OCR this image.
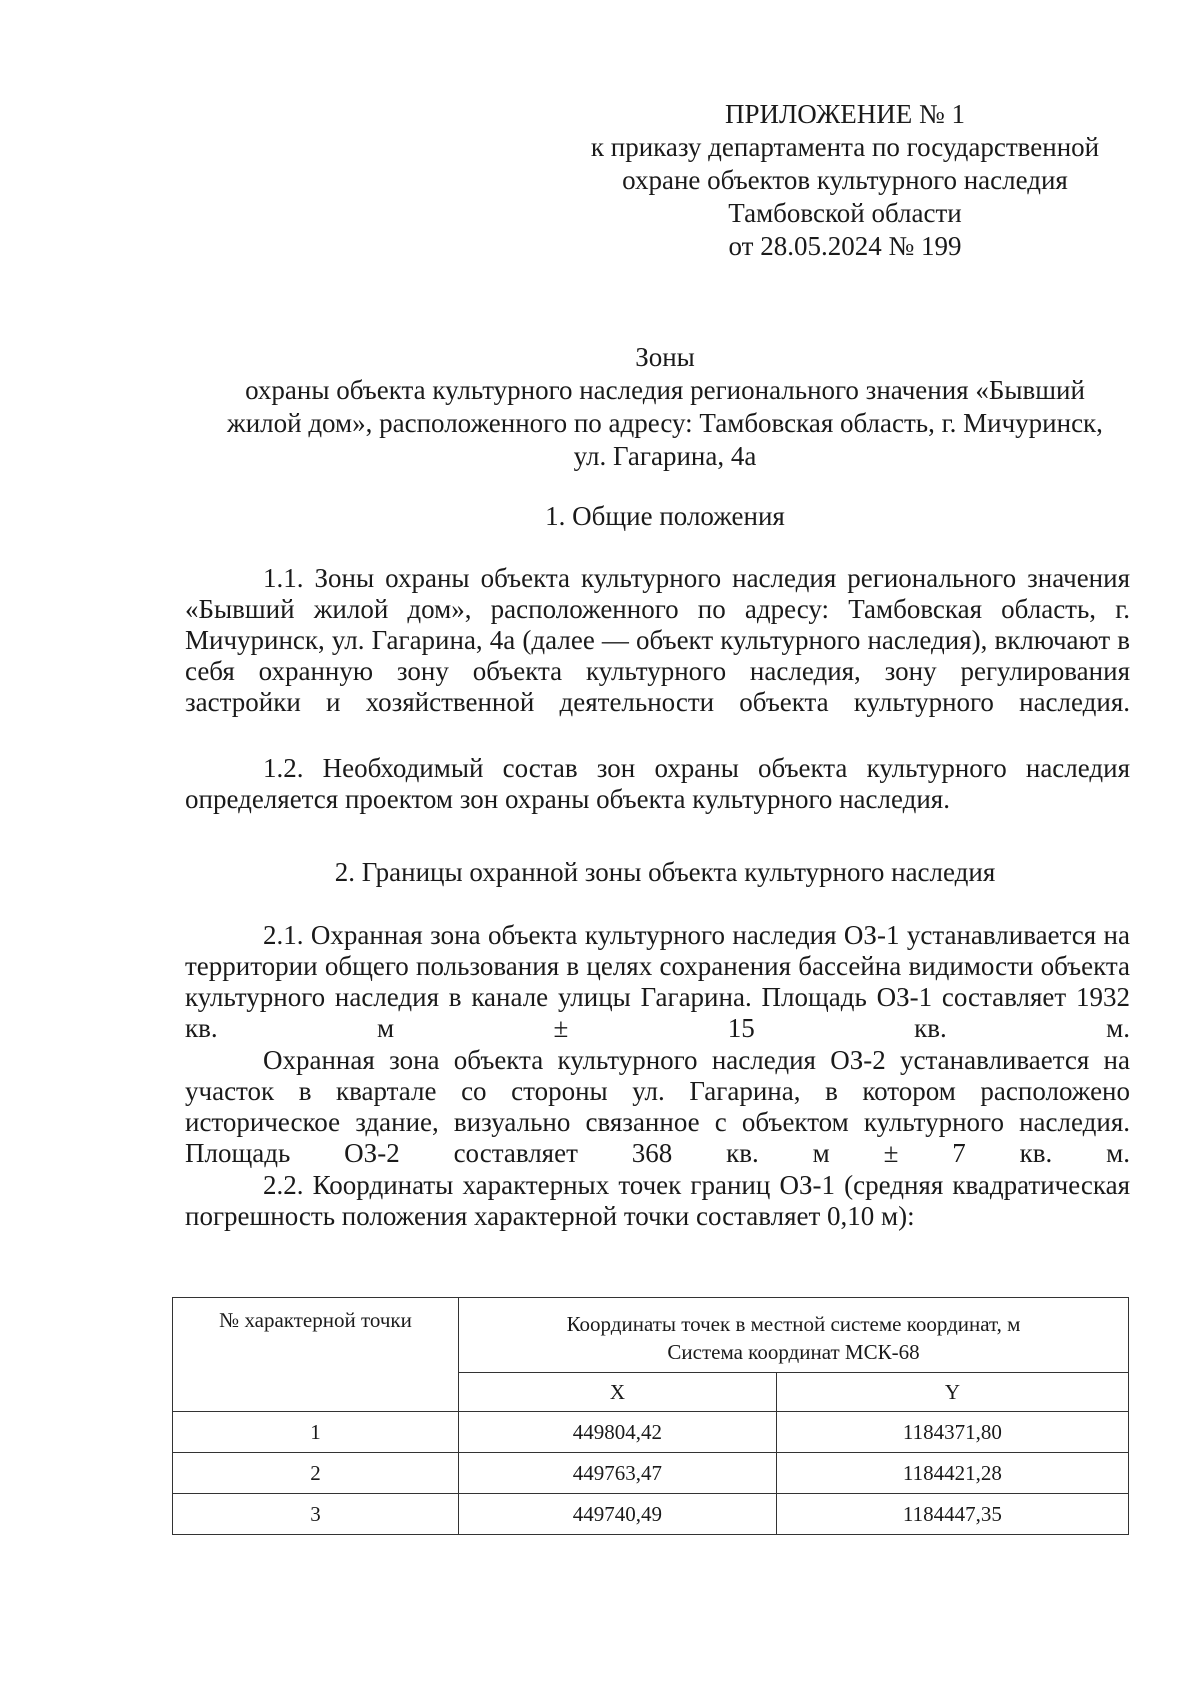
ПРИЛОЖЕНИЕ № 1
к приказу департамента по государственной
охране объектов культурного наследия
Тамбовской области
от 28.05.2024 № 199
Зоны
охраны объекта культурного наследия регионального значения «Бывший
жилой дом», расположенного по адресу: Тамбовская область, г. Мичуринск,
ул. Гагарина, 4а
1. Общие положения
1.1. Зоны охраны объекта культурного наследия регионального значения «Бывший жилой дом», расположенного по адресу: Тамбовская область, г. Мичуринск, ул. Гагарина, 4а (далее — объект культурного наследия), включают в себя охранную зону объекта культурного наследия, зону регулирования застройки и хозяйственной деятельности объекта культурного наследия.
1.2. Необходимый состав зон охраны объекта культурного наследия определяется проектом зон охраны объекта культурного наследия.
2. Границы охранной зоны объекта культурного наследия
2.1. Охранная зона объекта культурного наследия ОЗ-1 устанавливается на территории общего пользования в целях сохранения бассейна видимости объекта культурного наследия в канале улицы Гагарина. Площадь ОЗ-1 составляет 1932 кв. м ± 15 кв. м.
Охранная зона объекта культурного наследия ОЗ-2 устанавливается на участок в квартале со стороны ул. Гагарина, в котором расположено историческое здание, визуально связанное с объектом культурного наследия. Площадь ОЗ-2 составляет 368 кв. м ± 7 кв. м.
2.2. Координаты характерных точек границ ОЗ-1 (средняя квадратическая погрешность положения характерной точки составляет 0,10 м):
№ характерной точки	Координаты точек в местной системе координат, м
Система координат МСК-68	
	X	Y
1	449804,42	1184371,80
2	449763,47	1184421,28
3	449740,49	1184447,35
